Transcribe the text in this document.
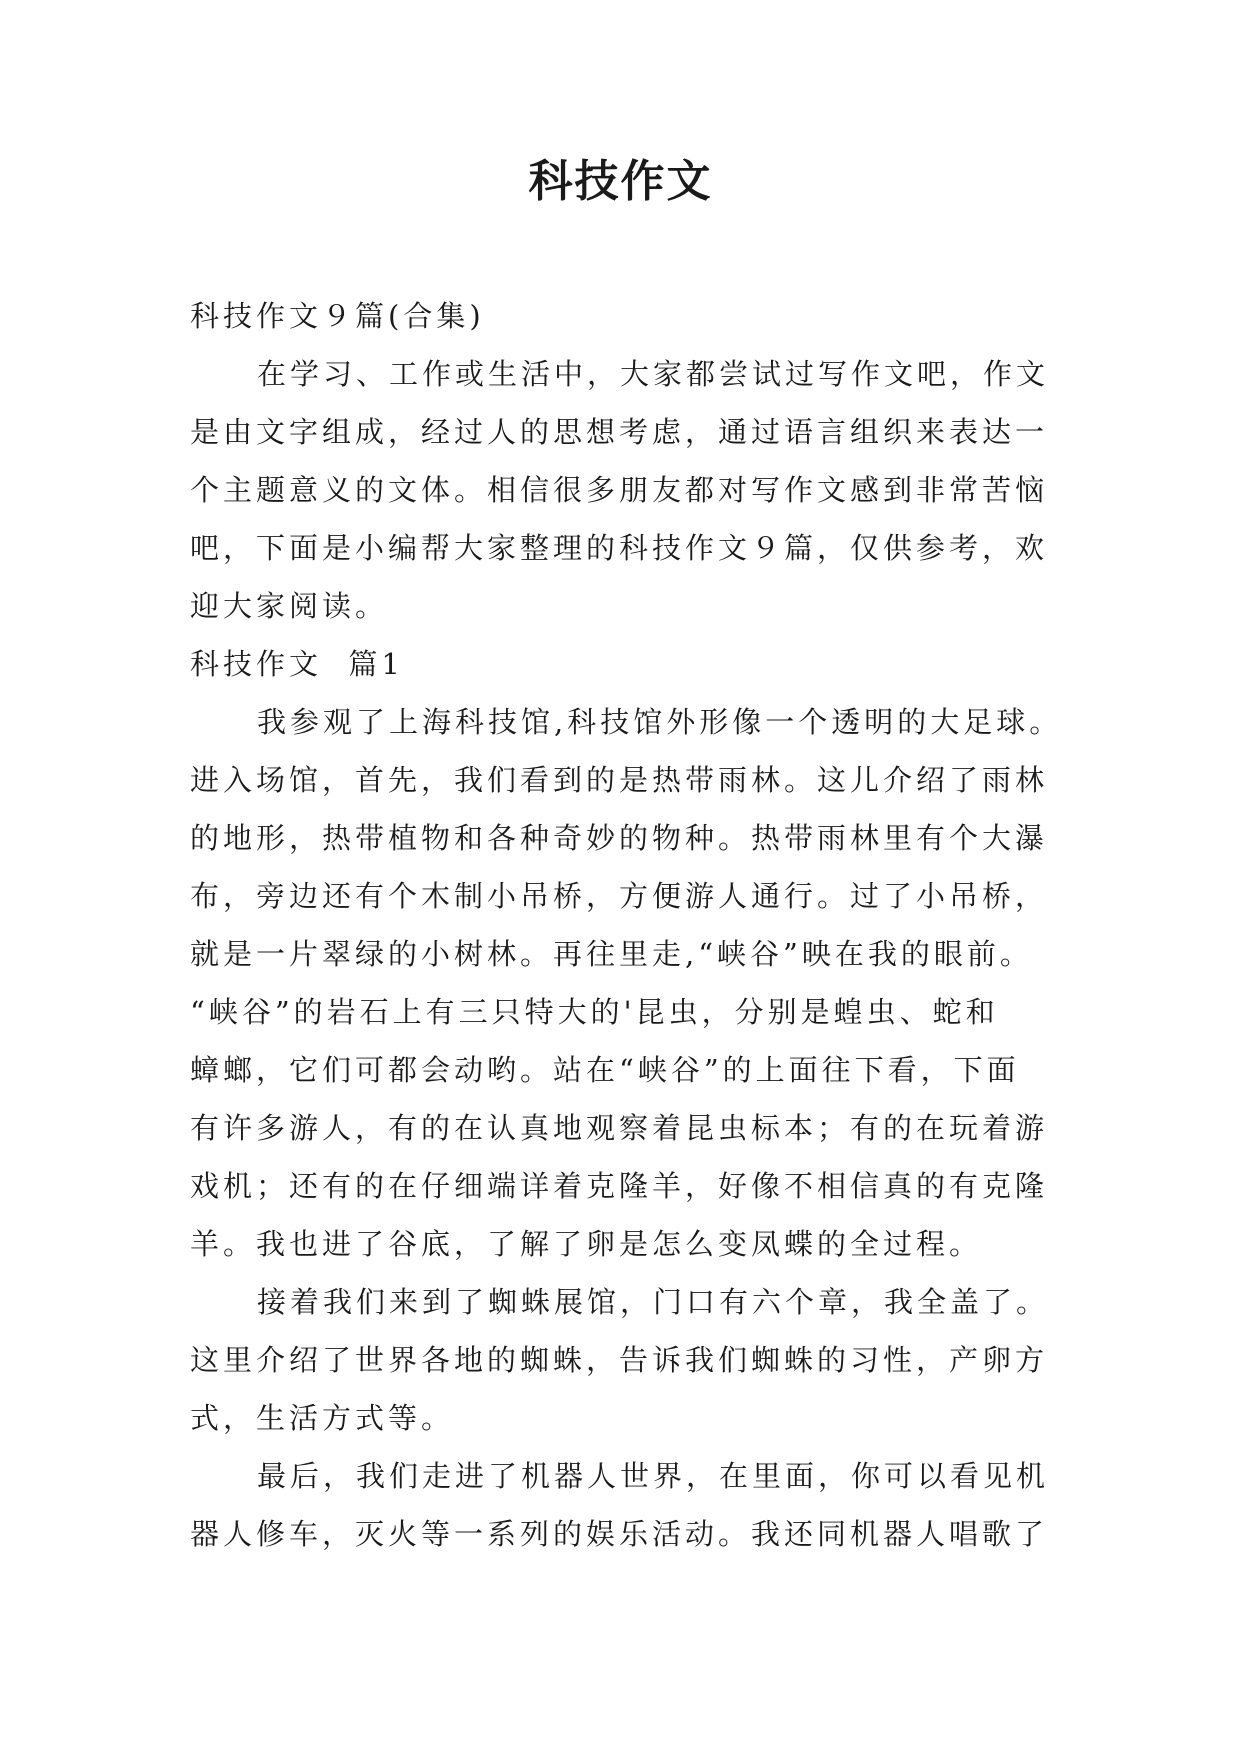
科技作文

科技作文９篇(合集)

在学习、工作或生活中，大家都尝试过写作文吧，作文
是由文字组成，经过人的思想考虑，通过语言组织来表达一
个主题意义的文体。相信很多朋友都对写作文感到非常苦恼
吧，下面是小编帮大家整理的科技作文９篇，仅供参考，欢
迎大家阅读。

科技作文  篇1

我参观了上海科技馆,科技馆外形像一个透明的大足球。
进入场馆，首先，我们看到的是热带雨林。这儿介绍了雨林
的地形，热带植物和各种奇妙的物种。热带雨林里有个大瀑
布，旁边还有个木制小吊桥，方便游人通行。过了小吊桥，
就是一片翠绿的小树林。再往里走,“峡谷”映在我的眼前。
“峡谷”的岩石上有三只特大的'昆虫，分别是蝗虫、蛇和
蟑螂，它们可都会动哟。站在“峡谷”的上面往下看，下面
有许多游人，有的在认真地观察着昆虫标本；有的在玩着游
戏机；还有的在仔细端详着克隆羊，好像不相信真的有克隆
羊。我也进了谷底，了解了卵是怎么变凤蝶的全过程。

接着我们来到了蜘蛛展馆，门口有六个章，我全盖了。
这里介绍了世界各地的蜘蛛，告诉我们蜘蛛的习性，产卵方
式，生活方式等。

最后，我们走进了机器人世界，在里面，你可以看见机
器人修车，灭火等一系列的娱乐活动。我还同机器人唱歌了
